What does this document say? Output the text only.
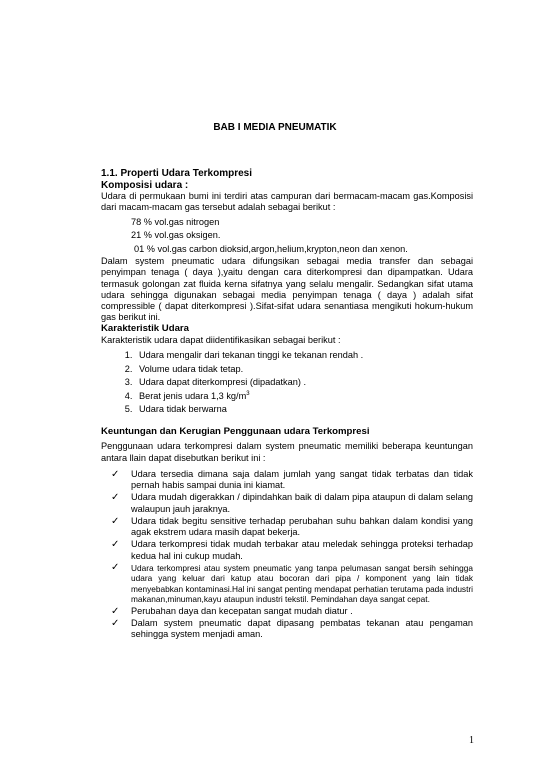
BAB I MEDIA PNEUMATIK
1.1. Properti Udara Terkompresi
Komposisi udara :

Udara di permukaan bumi ini terdiri atas campuran dari bermacam-macam gas.Komposisi dari macam-macam gas tersebut adalah sebagai berikut :

78 % vol.gas nitrogen
21 % vol.gas oksigen.
01 % vol.gas carbon dioksid,argon,helium,krypton,neon dan xenon.

Dalam system pneumatic udara difungsikan sebagai media transfer dan sebagai penyimpan tenaga ( daya ),yaitu dengan cara diterkompresi dan dipampatkan. Udara termasuk golongan zat fluida kerna sifatnya yang selalu mengalir. Sedangkan sifat utama udara sehingga digunakan sebagai media penyimpan tenaga ( daya ) adalah sifat compressible ( dapat diterkompresi ).Sifat-sifat udara senantiasa mengikuti hokum-hukum gas berikut ini.

Karakteristik Udara
Karakteristik udara dapat diidentifikasikan sebagai berikut :
1. Udara mengalir dari tekanan tinggi ke tekanan rendah .
2. Volume udara tidak tetap.
3. Udara dapat diterkompresi (dipadatkan) .
4. Berat jenis udara 1,3 $kg/m^3$
5. Udara tidak berwarna
Keuntungan dan Kerugian Penggunaan udara Terkompresi

Penggunaan udara terkompresi dalam system pneumatic memiliki beberapa keuntungan antara llain dapat disebutkan berikut ini :

✓ Udara tersedia dimana saja dalam jumlah yang sangat tidak terbatas dan tidak pernah habis sampai dunia ini kiamat.
✓ Udara mudah digerakkan / dipindahkan baik di dalam pipa ataupun di dalam selang walaupun jauh jaraknya.
✓ Udara tidak begitu sensitive terhadap perubahan suhu bahkan dalam kondisi yang agak ekstrem udara masih dapat bekerja.
✓ Udara terkompresi tidak mudah terbakar atau meledak sehingga proteksi terhadap kedua hal ini cukup mudah.
✓ Udara terkompresi atau system pneumatic yang tanpa pelumasan sangat bersih sehingga udara yang keluar dari katup atau bocoran dari pipa / komponent yang lain tidak menyebabkan kontaminasi.Hal ini sangat penting mendapat perhatian terutama pada industri makanan,minuman,kayu ataupun industri tekstil. Pemindahan daya sangat cepat.
✓ Perubahan daya dan kecepatan sangat mudah diatur .
✓ Dalam system pneumatic dapat dipasang pembatas tekanan atau pengaman sehingga system menjadi aman.
1
